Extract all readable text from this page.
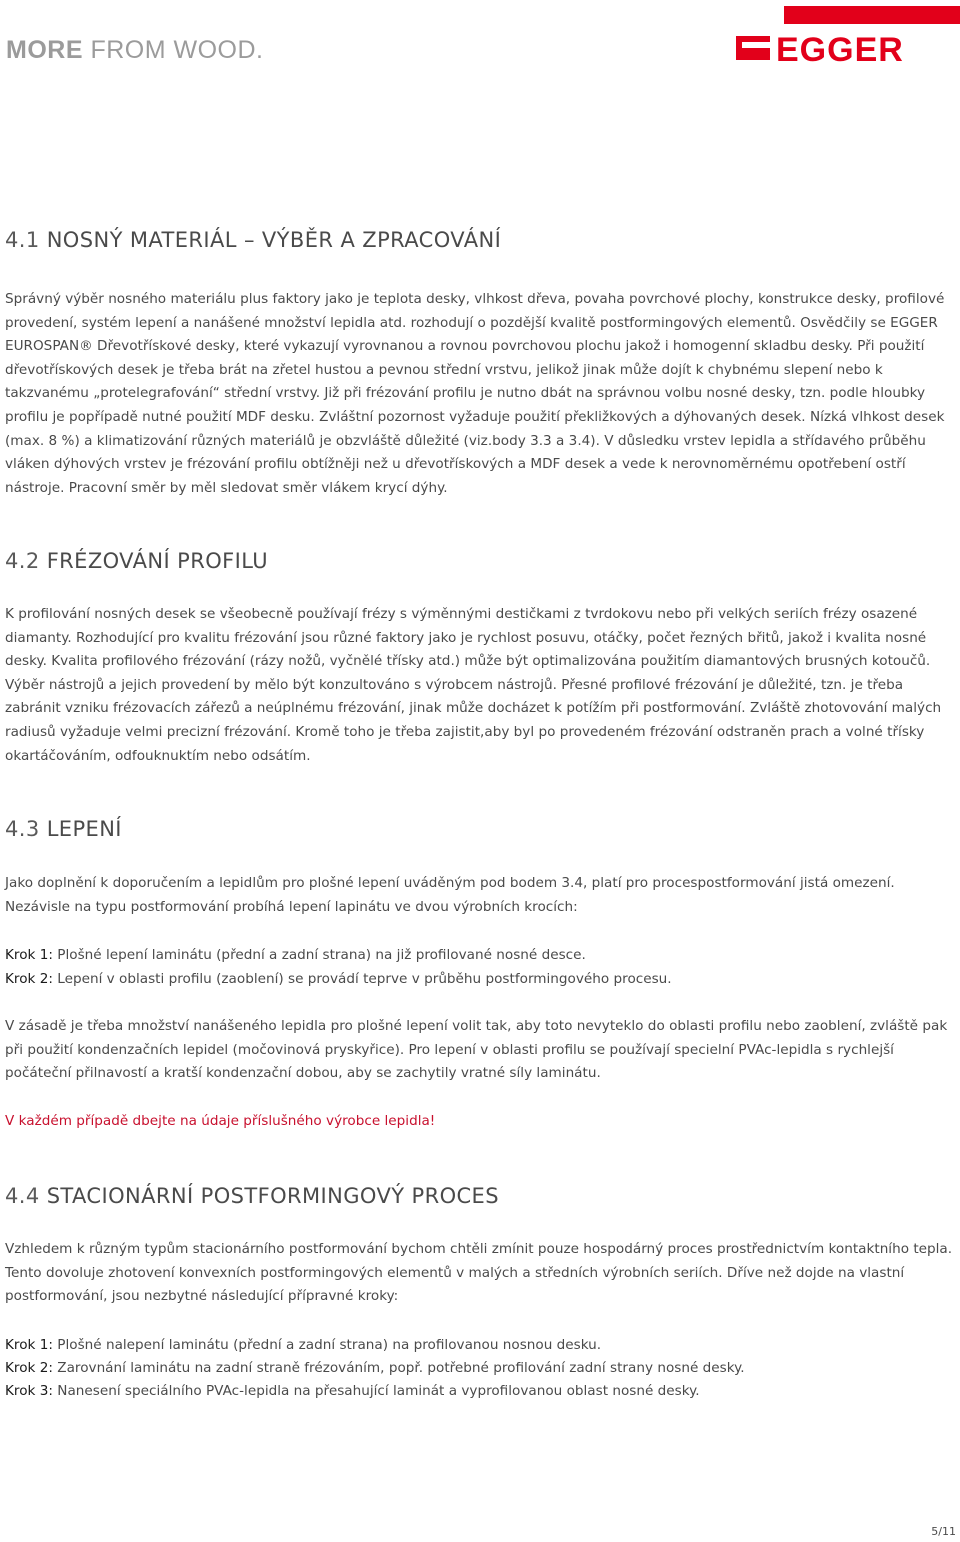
MORE FROM WOOD.	EGGER
4.1 NOSNÝ MATERIÁL – VÝBĚR A ZPRACOVÁNÍ
Správný výběr nosného materiálu plus faktory jako je teplota desky, vlhkost dřeva, povaha povrchové plochy, konstrukce desky, profilové provedení, systém lepení a nanášené množství lepidla atd. rozhodují o pozdější kvalitě postformingových elementů. Osvědčily se EGGER EUROSPAN® Dřevotřískové desky, které vykazují vyrovnanou a rovnou povrchovou plochu jakož i homogenní skladbu desky. Při použití dřevotřískových desek je třeba brát na zřetel hustou a pevnou střední vrstvu, jelikož jinak může dojít k chybnému slepení nebo k takzvanému „protelegrafování“ střední vrstvy. Již při frézování profilu je nutno dbát na správnou volbu nosné desky, tzn. podle hloubky profilu je popřípadě nutné použití MDF desku. Zvláštní pozornost vyžaduje použití překližkových a dýhovaných desek. Nízká vlhkost desek (max. 8 %) a klimatizování různých materiálů je obzvláště důležité (viz.body 3.3 a 3.4). V důsledku vrstev lepidla a střídavého průběhu vláken dýhových vrstev je frézování profilu obtížněji než u dřevotřískových a MDF desek a vede k nerovnoměrnému opotřebení ostří nástroje. Pracovní směr by měl sledovat směr vlákem krycí dýhy.
4.2 FRÉZOVÁNÍ PROFILU
K profilování nosných desek se všeobecně používají frézy s výměnnými destičkami z tvrdokovu nebo při velkých seriích frézy osazené diamanty. Rozhodující pro kvalitu frézování jsou různé faktory jako je rychlost posuvu, otáčky, počet řezných břitů, jakož i kvalita nosné desky. Kvalita profilového frézování (rázy nožů, vyčnělé třísky atd.) může být optimalizována použitím diamantových brusných kotoučů. Výběr nástrojů a jejich provedení by mělo být konzultováno s výrobcem nástrojů. Přesné profilové frézování je důležité, tzn. je třeba zabránit vzniku frézovacích zářezů a neúplnému frézování, jinak může docházet k potížím při postformování. Zvláště zhotovování malých radiusů vyžaduje velmi precizní frézování. Kromě toho je třeba zajistit,aby byl po provedeném frézování odstraněn prach a volné třísky okartáčováním, odfouknuktím nebo odsátím.
4.3 LEPENÍ
Jako doplnění k doporučením a lepidlům pro plošné lepení uváděným pod bodem 3.4, platí pro procespostformování jistá omezení. Nezávisle na typu postformování probíhá lepení lapinátu ve dvou výrobních krocích:
Krok 1: Plošné lepení laminátu (přední a zadní strana) na již profilované nosné desce.
Krok 2: Lepení v oblasti profilu (zaoblení) se provádí teprve v průběhu postformingového procesu.
V zásadě je třeba množství nanášeného lepidla pro plošné lepení volit tak, aby toto nevyteklo do oblasti profilu nebo zaoblení, zvláště pak při použití kondenzačních lepidel (močovinová pryskyřice). Pro lepení v oblasti profilu se používají specielní PVAc-lepidla s rychlejší počáteční přilnavostí a kratší kondenzační dobou, aby se zachytily vratné síly laminátu.
V každém případě dbejte na údaje příslušného výrobce lepidla!
4.4 STACIONÁRNÍ POSTFORMINGOVÝ PROCES
Vzhledem k různým typům stacionárního postformování bychom chtěli zmínit pouze hospodárný proces prostřednictvím kontaktního tepla. Tento dovoluje zhotovení konvexních postformingových elementů v malých a středních výrobních seriích. Dříve než dojde na vlastní postformování, jsou nezbytné následující přípravné kroky:
Krok 1: Plošné nalepení laminátu (přední a zadní strana) na profilovanou nosnou desku.
Krok 2: Zarovnání laminátu na zadní straně frézováním, popř. potřebné profilování zadní strany nosné desky.
Krok 3: Nanesení speciálního PVAc-lepidla na přesahující laminát a vyprofilovanou oblast nosné desky.
5/11
